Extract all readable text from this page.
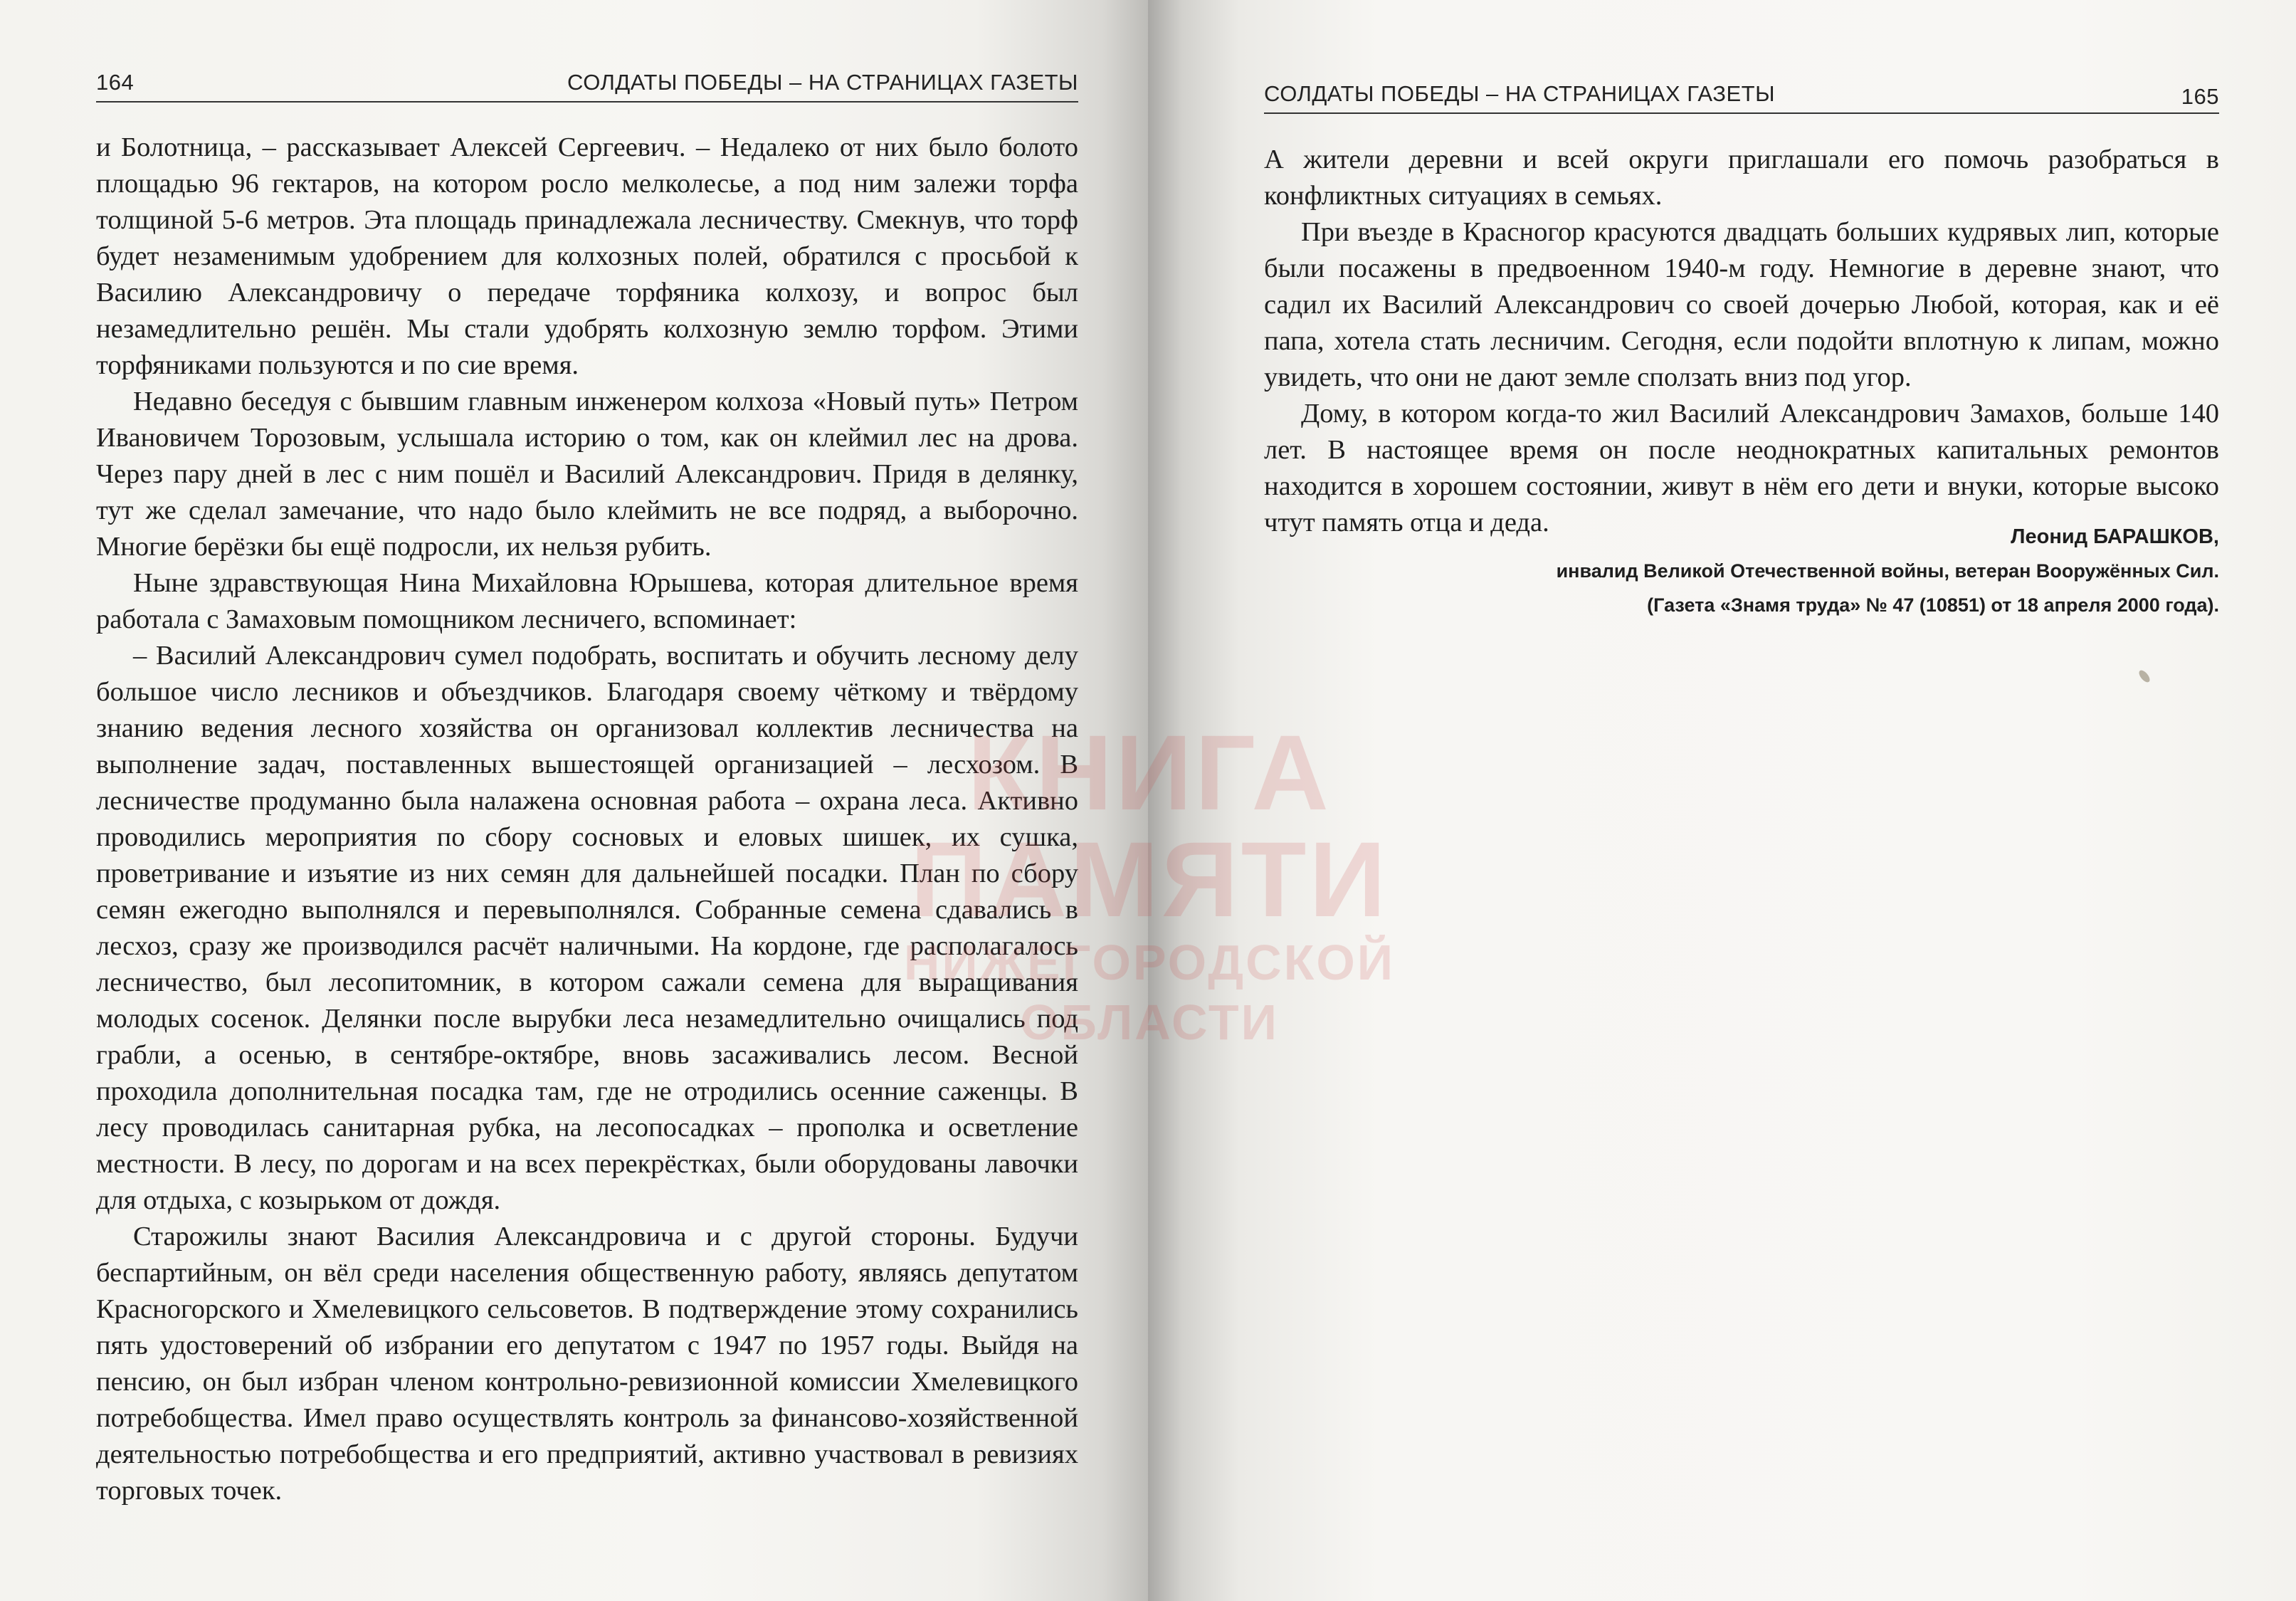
164	СОЛДАТЫ ПОБЕДЫ – НА СТРАНИЦАХ ГАЗЕТЫ

и Болотница, – рассказывает Алексей Сергеевич. – Недалеко от них было болото площадью 96 гектаров, на котором росло мелколесье, а под ним залежи торфа толщиной 5-6 метров. Эта площадь принадлежала лесничеству. Смекнув, что торф будет незаменимым удобрением для колхозных полей, обратился с просьбой к Василию Александровичу о передаче торфяника колхозу, и вопрос был незамедлительно решён. Мы стали удобрять колхозную землю торфом. Этими торфяниками пользуются и по сие время.

Недавно беседуя с бывшим главным инженером колхоза «Новый путь» Петром Ивановичем Торозовым, услышала историю о том, как он клеймил лес на дрова. Через пару дней в лес с ним пошёл и Василий Александрович. Придя в делянку, тут же сделал замечание, что надо было клеймить не все подряд, а выборочно. Многие берёзки бы ещё подросли, их нельзя рубить.

Ныне здравствующая Нина Михайловна Юрышева, которая длительное время работала с Замаховым помощником лесничего, вспоминает:

– Василий Александрович сумел подобрать, воспитать и обучить лесному делу большое число лесников и объездчиков. Благодаря своему чёткому и твёрдому знанию ведения лесного хозяйства он организовал коллектив лесничества на выполнение задач, поставленных вышестоящей организацией – лесхозом. В лесничестве продуманно была налажена основная работа – охрана леса. Активно проводились мероприятия по сбору сосновых и еловых шишек, их сушка, проветривание и изъятие из них семян для дальнейшей посадки. План по сбору семян ежегодно выполнялся и перевыполнялся. Собранные семена сдавались в лесхоз, сразу же производился расчёт наличными. На кордоне, где располагалось лесничество, был лесопитомник, в котором сажали семена для выращивания молодых сосенок. Делянки после вырубки леса незамедлительно очищались под грабли, а осенью, в сентябре-октябре, вновь засаживались лесом. Весной проходила дополнительная посадка там, где не отродились осенние саженцы. В лесу проводилась санитарная рубка, на лесопосадках – прополка и осветление местности. В лесу, по дорогам и на всех перекрёстках, были оборудованы лавочки для отдыха, с козырьком от дождя.

Старожилы знают Василия Александровича и с другой стороны. Будучи беспартийным, он вёл среди населения общественную работу, являясь депутатом Красногорского и Хмелевицкого сельсоветов. В подтверждение этому сохранились пять удостоверений об избрании его депутатом с 1947 по 1957 годы. Выйдя на пенсию, он был избран членом контрольно-ревизионной комиссии Хмелевицкого потребобщества. Имел право осуществлять контроль за финансово-хозяйственной деятельностью потребобщества и его предприятий, активно участвовал в ревизиях торговых точек.

СОЛДАТЫ ПОБЕДЫ – НА СТРАНИЦАХ ГАЗЕТЫ	165

А жители деревни и всей округи приглашали его помочь разобраться в конфликтных ситуациях в семьях.

При въезде в Красногор красуются двадцать больших кудрявых лип, которые были посажены в предвоенном 1940-м году. Немногие в деревне знают, что садил их Василий Александрович со своей дочерью Любой, которая, как и её папа, хотела стать лесничим. Сегодня, если подойти вплотную к липам, можно увидеть, что они не дают земле сползать вниз под угор.

Дому, в котором когда-то жил Василий Александрович Замахов, больше 140 лет. В настоящее время он после неоднократных капитальных ремонтов находится в хорошем состоянии, живут в нём его дети и внуки, которые высоко чтут память отца и деда.	Леонид БАРАШКОВ,
инвалид Великой Отечественной войны, ветеран Вооружённых Сил.
(Газета «Знамя труда» № 47 (10851) от 18 апреля 2000 года).
